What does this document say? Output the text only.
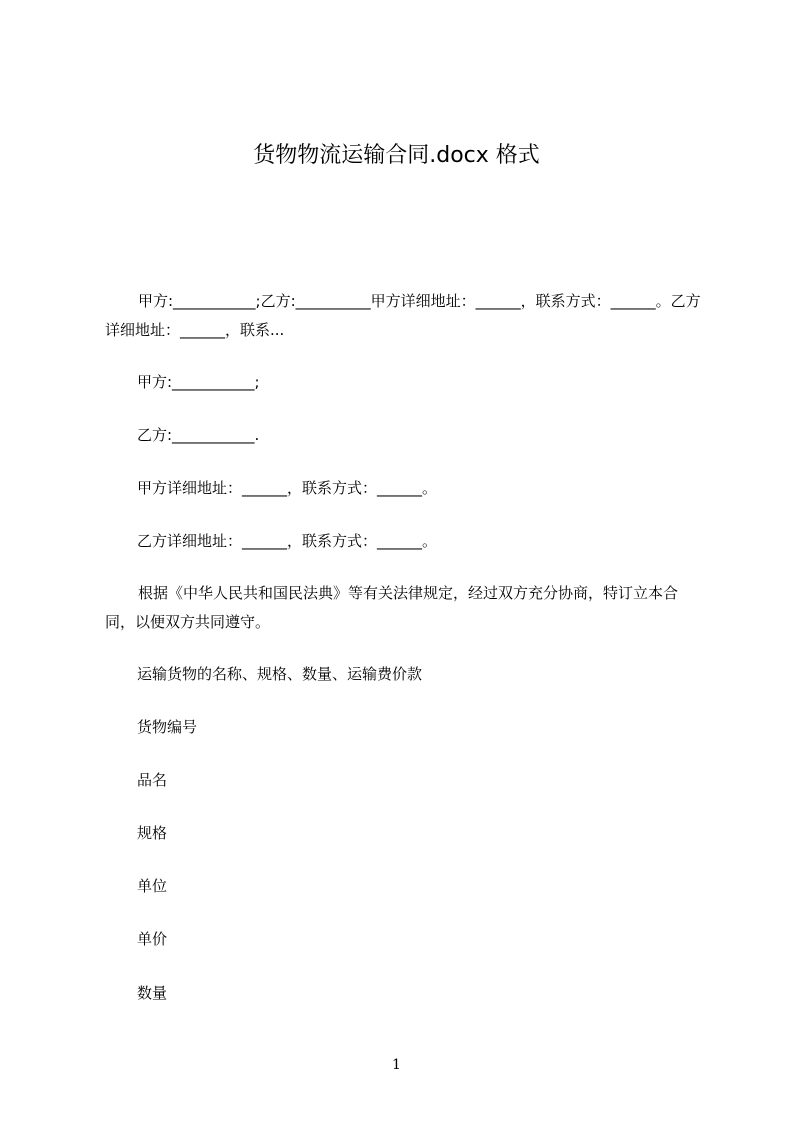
货物物流运输合同.docx 格式
甲方:___________;乙方:__________甲方详细地址：______，联系方式：______。乙方详细地址：______，联系...
甲方:___________;
乙方:___________.
甲方详细地址：______，联系方式：______。
乙方详细地址：______，联系方式：______。
根据《中华人民共和国民法典》等有关法律规定，经过双方充分协商，特订立本合同，以便双方共同遵守。
运输货物的名称、规格、数量、运输费价款
货物编号
品名
规格
单位
单价
数量
1
